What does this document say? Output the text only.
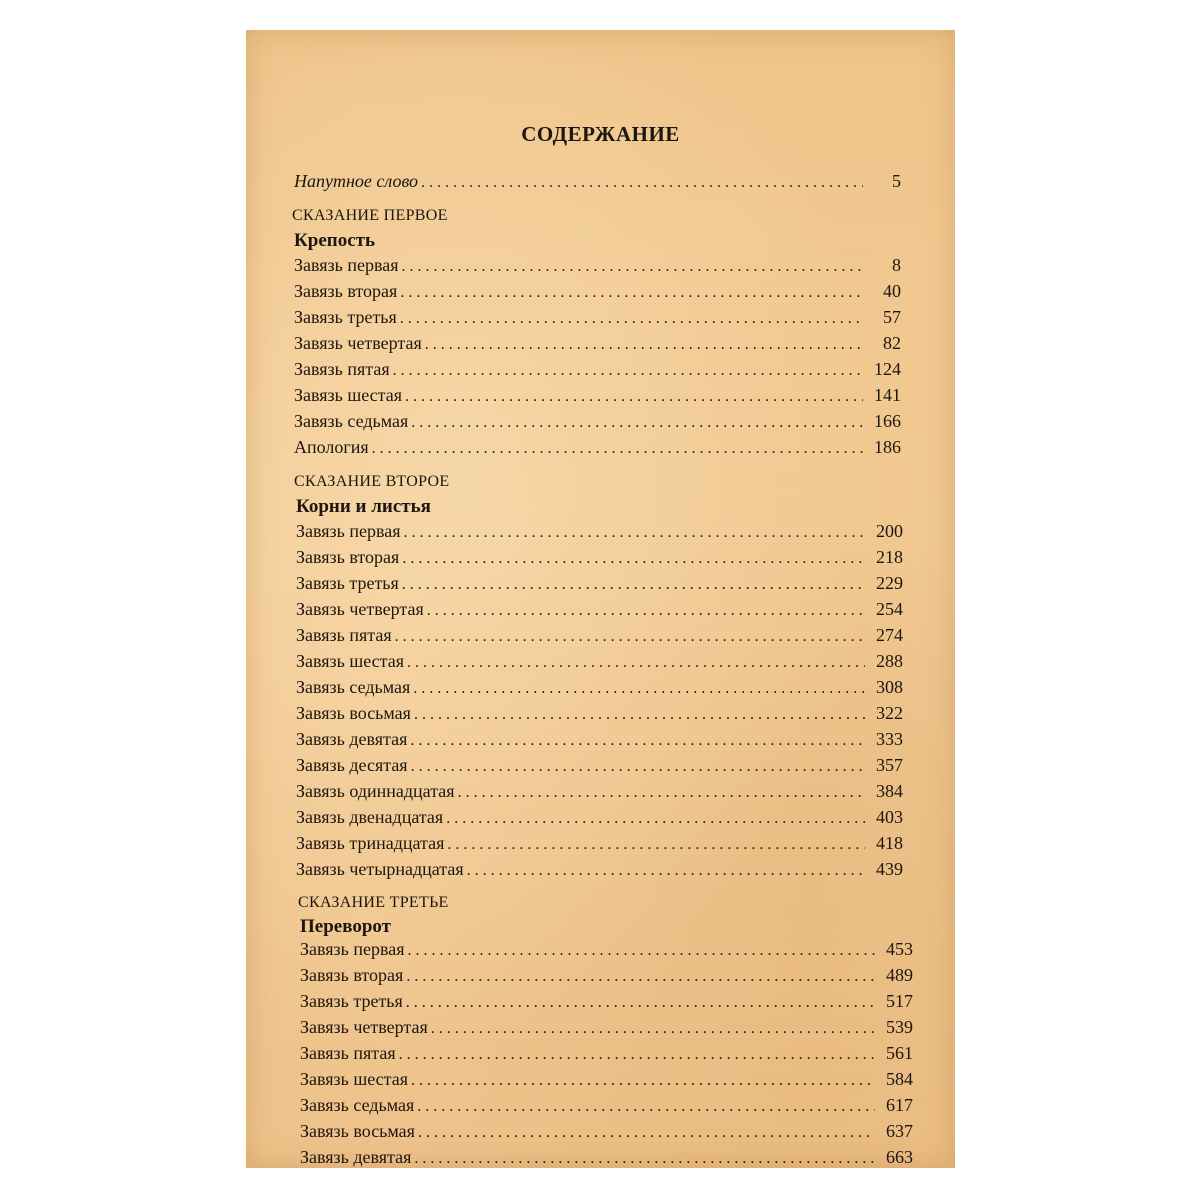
СОДЕРЖАНИЕ
Напутное слово . . .	5
СКАЗАНИЕ ПЕРВОЕ
Крепость
Завязь первая . . .	8
Завязь вторая . . .	40
Завязь третья . . .	57
Завязь четвертая . . .	82
Завязь пятая . . .	124
Завязь шестая . . .	141
Завязь седьмая . . .	166
Апология . . .	186
СКАЗАНИЕ ВТОРОЕ
Корни и листья
Завязь первая . . .	200
Завязь вторая . . .	218
Завязь третья . . .	229
Завязь четвертая . . .	254
Завязь пятая . . .	274
Завязь шестая . . .	288
Завязь седьмая . . .	308
Завязь восьмая . . .	322
Завязь девятая . . .	333
Завязь десятая . . .	357
Завязь одиннадцатая . . .	384
Завязь двенадцатая . . .	403
Завязь тринадцатая . . .	418
Завязь четырнадцатая . . .	439
СКАЗАНИЕ ТРЕТЬЕ
Переворот
Завязь первая . . .	453
Завязь вторая . . .	489
Завязь третья . . .	517
Завязь четвертая . . .	539
Завязь пятая . . .	561
Завязь шестая . . .	584
Завязь седьмая . . .	617
Завязь восьмая . . .	637
Завязь девятая . . .	663
